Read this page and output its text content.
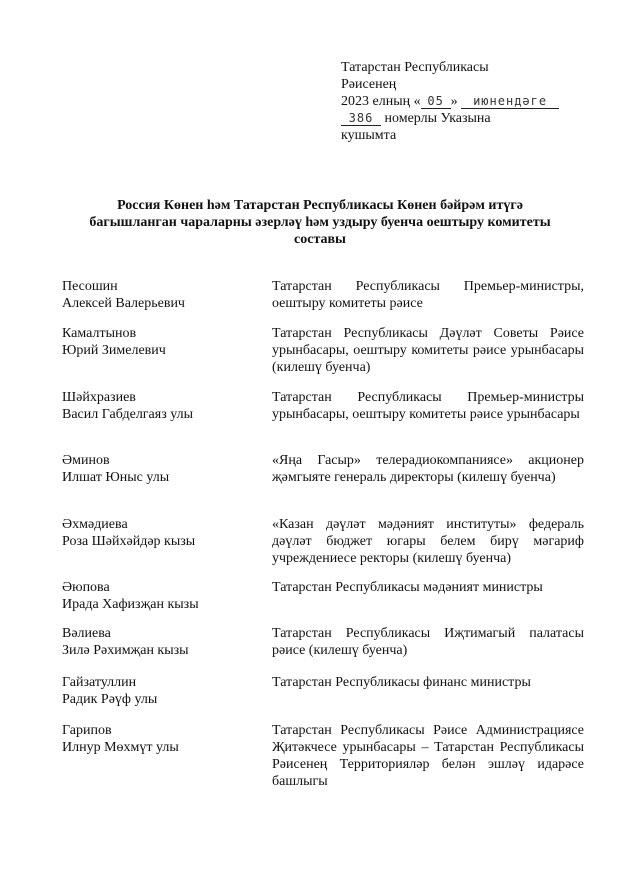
Татарстан Республикасы
Рәисенең
2023 елның « 05 » июнендәге
386 номерлы Указына
кушымта
Россия Көнен һәм Татарстан Республикасы Көнен бәйрәм итүгә
багышланган чараларны әзерләү һәм уздыру буенча оештыру комитеты
составы
Песошин
Алексей Валерьевич
Татарстан Республикасы Премьер-министры, оештыру комитеты рәисе
Камалтынов
Юрий Зимелевич
Татарстан Республикасы Дәүләт Советы Рәисе урынбасары, оештыру комитеты рәисе урынбасары (килешү буенча)
Шәйхразиев
Васил Габделгаяз улы
Татарстан Республикасы Премьер-министры урынбасары, оештыру комитеты рәисе урынбасары
Әминов
Илшат Юныс улы
«Яңа Гасыр» телерадиокомпаниясе» акционер җәмгыяте генераль директоры (килешү буенча)
Әхмәдиева
Роза Шәйхәйдәр кызы
«Казан дәүләт мәдәният институты» федераль дәүләт бюджет югары белем бирү мәгариф учреждениесе ректоры (килешү буенча)
Әюпова
Ирада Хафизҗан кызы
Татарстан Республикасы мәдәният министры
Вәлиева
Зилә Рәхимҗан кызы
Татарстан Республикасы Иҗтимагый палатасы рәисе (килешү буенча)
Гайзатуллин
Радик Рәүф улы
Татарстан Республикасы финанс министры
Гарипов
Илнур Мөхмүт улы
Татарстан Республикасы Рәисе Администрациясе Җитәкчесе урынбасары – Татарстан Республикасы Рәисенең Территорияләр белән эшләү идарәсе башлыгы
